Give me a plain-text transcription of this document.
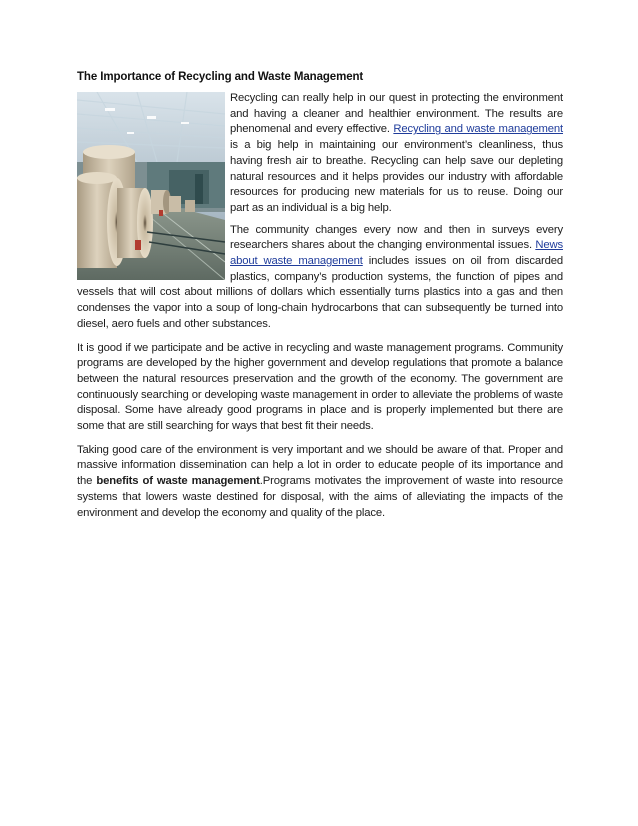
The Importance of Recycling and Waste Management

Recycling can really help in our quest in protecting the environment and having a cleaner and healthier environment. The results are phenomenal and every effective. Recycling and waste management is a big help in maintaining our environment’s cleanliness, thus having fresh air to breathe. Recycling can help save our depleting natural resources and it helps provides our industry with affordable resources for producing new materials for us to reuse. Doing our part as an individual is a big help.

The community changes every now and then in surveys every researchers shares about the changing environmental issues. News about waste management includes issues on oil from discarded plastics, company’s production systems, the function of pipes and vessels that will cost about millions of dollars which essentially turns plastics into a gas and then condenses the vapor into a soup of long-chain hydrocarbons that can subsequently be turned into diesel, aero fuels and other substances.

It is good if we participate and be active in recycling and waste management programs. Community programs are developed by the higher government and develop regulations that promote a balance between the natural resources preservation and the growth of the economy. The government are continuously searching or developing waste management in order to alleviate the problems of waste disposal. Some have already good programs in place and is properly implemented but there are some that are still searching for ways that best fit their needs.

Taking good care of the environment is very important and we should be aware of that. Proper and massive information dissemination can help a lot in order to educate people of its importance and the benefits of waste management.Programs motivates the improvement of waste into resource systems that lowers waste destined for disposal, with the aims of alleviating the impacts of the environment and develop the economy and quality of the place.
